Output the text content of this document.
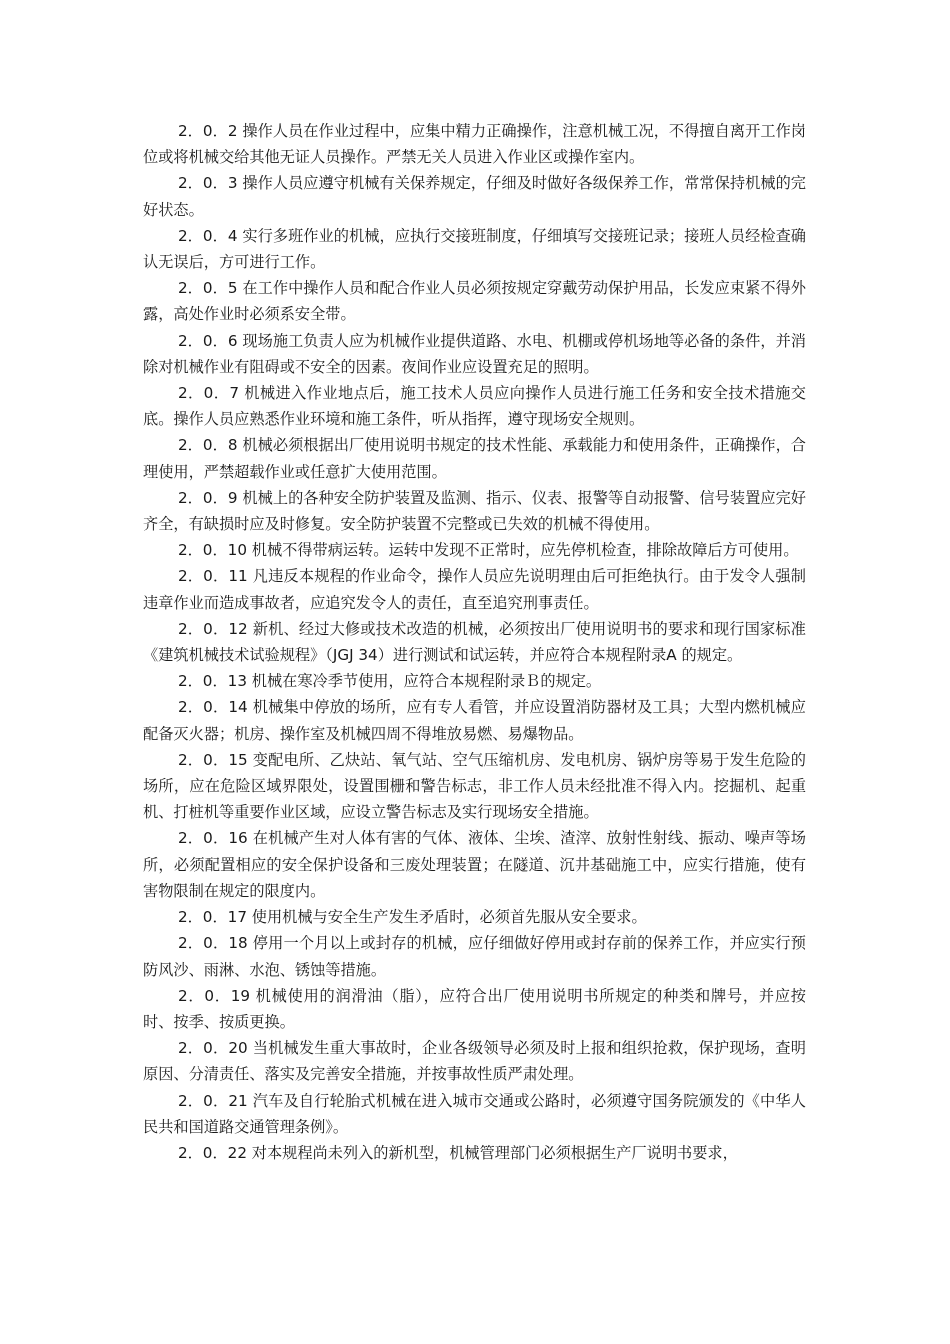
2．0．2 操作人员在作业过程中，应集中精力正确操作，注意机械工况，不得擅自离开工作岗位或将机械交给其他无证人员操作。严禁无关人员进入作业区或操作室内。

2．0．3 操作人员应遵守机械有关保养规定，仔细及时做好各级保养工作，常常保持机械的完好状态。

2．0．4 实行多班作业的机械，应执行交接班制度，仔细填写交接班记录；接班人员经检查确认无误后，方可进行工作。

2．0．5 在工作中操作人员和配合作业人员必须按规定穿戴劳动保护用品，长发应束紧不得外露，高处作业时必须系安全带。

2．0．6 现场施工负责人应为机械作业提供道路、水电、机棚或停机场地等必备的条件，并消除对机械作业有阻碍或不安全的因素。夜间作业应设置充足的照明。

2．0．7 机械进入作业地点后，施工技术人员应向操作人员进行施工任务和安全技术措施交底。操作人员应熟悉作业环境和施工条件，听从指挥，遵守现场安全规则。

2．0．8 机械必须根据出厂使用说明书规定的技术性能、承载能力和使用条件，正确操作，合理使用，严禁超载作业或任意扩大使用范围。

2．0．9 机械上的各种安全防护装置及监测、指示、仪表、报警等自动报警、信号装置应完好齐全，有缺损时应及时修复。安全防护装置不完整或已失效的机械不得使用。

2．0．10 机械不得带病运转。运转中发现不正常时，应先停机检查，排除故障后方可使用。

2．0．11 凡违反本规程的作业命令，操作人员应先说明理由后可拒绝执行。由于发令人强制违章作业而造成事故者，应追究发令人的责任，直至追究刑事责任。

2．0．12 新机、经过大修或技术改造的机械，必须按出厂使用说明书的要求和现行国家标准《建筑机械技术试验规程》（JGJ 34）进行测试和试运转，并应符合本规程附录A 的规定。

2．0．13 机械在寒冷季节使用，应符合本规程附录Ｂ的规定。

2．0．14 机械集中停放的场所，应有专人看管，并应设置消防器材及工具；大型内燃机械应配备灭火器；机房、操作室及机械四周不得堆放易燃、易爆物品。

2．0．15 变配电所、乙炔站、氧气站、空气压缩机房、发电机房、锅炉房等易于发生危险的场所，应在危险区域界限处，设置围栅和警告标志，非工作人员未经批准不得入内。挖掘机、起重机、打桩机等重要作业区域，应设立警告标志及实行现场安全措施。

2．0．16 在机械产生对人体有害的气体、液体、尘埃、渣滓、放射性射线、振动、噪声等场所，必须配置相应的安全保护设备和三废处理装置；在隧道、沉井基础施工中，应实行措施，使有害物限制在规定的限度内。

2．0．17 使用机械与安全生产发生矛盾时，必须首先服从安全要求。

2．0．18 停用一个月以上或封存的机械，应仔细做好停用或封存前的保养工作，并应实行预防风沙、雨淋、水泡、锈蚀等措施。

2．0．19 机械使用的润滑油（脂），应符合出厂使用说明书所规定的种类和牌号，并应按时、按季、按质更换。

2．0．20 当机械发生重大事故时，企业各级领导必须及时上报和组织抢救，保护现场，查明原因、分清责任、落实及完善安全措施，并按事故性质严肃处理。

2．0．21 汽车及自行轮胎式机械在进入城市交通或公路时，必须遵守国务院颁发的《中华人民共和国道路交通管理条例》。

2．0．22 对本规程尚未列入的新机型，机械管理部门必须根据生产厂说明书要求，
